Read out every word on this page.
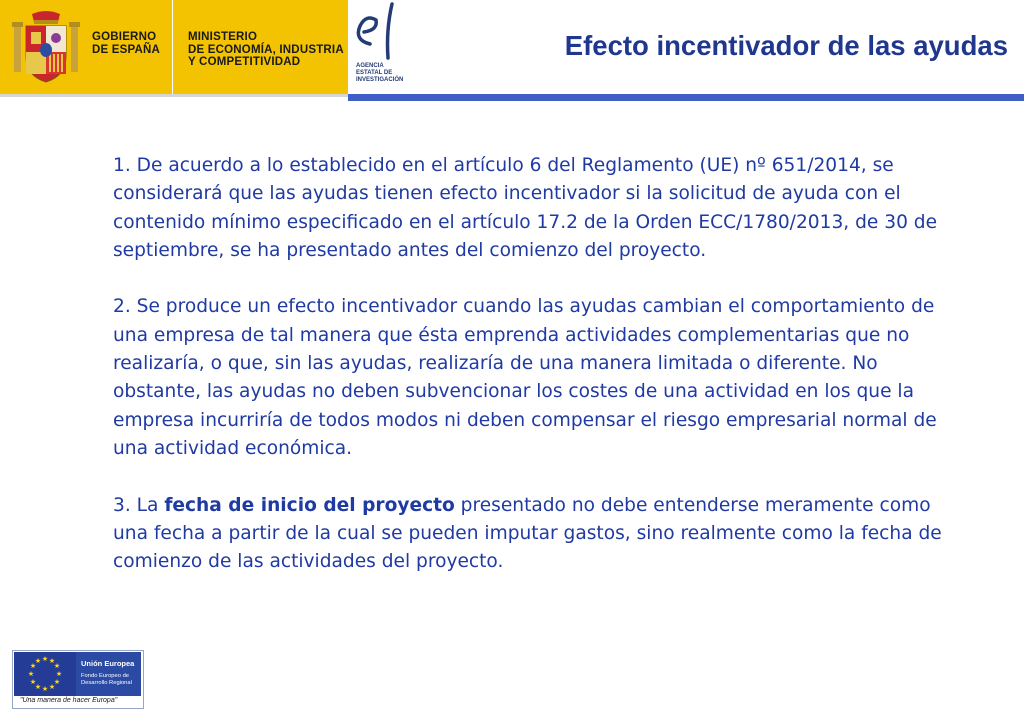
GOBIERNO
DE ESPAÑA
MINISTERIO
DE ECONOMÍA, INDUSTRIA
Y COMPETITIVIDAD	AGENCIA
ESTATAL DE
INVESTIGACIÓN
Efecto incentivador de las ayudas

1. De acuerdo a lo establecido en el artículo 6 del Reglamento (UE) nº 651/2014, se considerará que las ayudas tienen efecto incentivador si la solicitud de ayuda con el contenido mínimo especificado en el artículo 17.2 de la Orden ECC/1780/2013, de 30 de septiembre, se ha presentado antes del comienzo del proyecto.

2. Se produce un efecto incentivador cuando las ayudas cambian el comportamiento de una empresa de tal manera que ésta emprenda actividades complementarias que no realizaría, o que, sin las ayudas, realizaría de una manera limitada o diferente. No obstante, las ayudas no deben subvencionar los costes de una actividad en los que la empresa incurriría de todos modos ni deben compensar el riesgo empresarial normal de una actividad económica.

3. La fecha de inicio del proyecto presentado no debe entenderse meramente como una fecha a partir de la cual se pueden imputar gastos, sino realmente como la fecha de comienzo de las actividades del proyecto.

★ ★
★
★
★
★
★
★
★
★
★
★	Unión Europea
Fondo Europeo de
Desarrollo Regional
"Una manera de hacer Europa"
